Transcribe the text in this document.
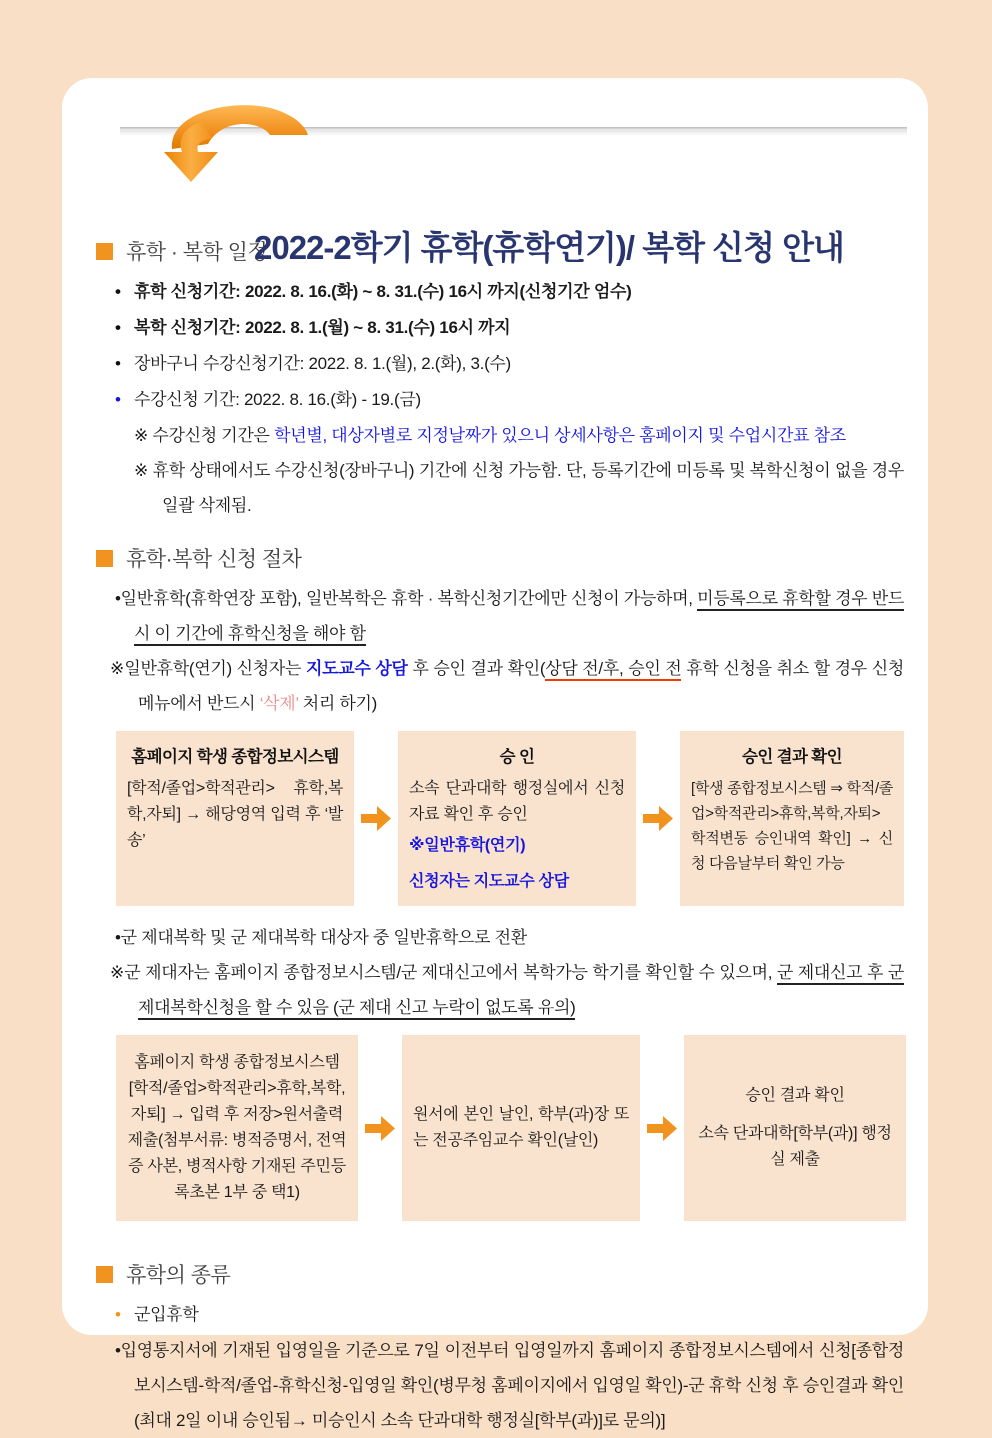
2022-2학기 휴학(휴학연기)/ 복학 신청 안내
휴학 · 복학 일정
• 휴학 신청기간: 2022. 8. 16.(화) ~ 8. 31.(수) 16시 까지(신청기간 엄수)
• 복학 신청기간: 2022. 8. 1.(월) ~ 8. 31.(수) 16시 까지
• 장바구니 수강신청기간: 2022. 8. 1.(월), 2.(화), 3.(수)
• 수강신청 기간: 2022. 8. 16.(화) - 19.(금)
※ 수강신청 기간은 학년별, 대상자별로 지정날짜가 있으니 상세사항은 홈페이지 및 수업시간표 참조
※ 휴학 상태에서도 수강신청(장바구니) 기간에 신청 가능함. 단, 등록기간에 미등록 및 복학신청이 없을 경우 일괄 삭제됨.
휴학·복학 신청 절차
•일반휴학(휴학연장 포함), 일반복학은 휴학 · 복학신청기간에만 신청이 가능하며, 미등록으로 휴학할 경우 반드시 이 기간에 휴학신청을 해야 함
※일반휴학(연기) 신청자는 지도교수 상담 후 승인 결과 확인(상담 전/후, 승인 전 휴학 신청을 취소 할 경우 신청 메뉴에서 반드시 ‘삭제’ 처리 하기)
홈페이지 학생 종합정보시스템
[학적/졸업>학적관리> 휴학,복학,자퇴] → 해당영역 입력 후 ‘발송’
승 인
소속 단과대학 행정실에서 신청 자료 확인 후 승인
※일반휴학(연기)
신청자는 지도교수 상담
승인 결과 확인
[학생 종합정보시스템 ⇒ 학적/졸업>학적관리>휴학,복학,자퇴>학적변동 승인내역 확인] → 신청 다음날부터 확인 가능
•군 제대복학 및 군 제대복학 대상자 중 일반휴학으로 전환
※군 제대자는 홈페이지 종합정보시스템/군 제대신고에서 복학가능 학기를 확인할 수 있으며, 군 제대신고 후 군 제대복학신청을 할 수 있음 (군 제대 신고 누락이 없도록 유의)
홈페이지 학생 종합정보시스템[학적/졸업>학적관리>휴학,복학,자퇴] → 입력 후 저장>원서출력 제출(첨부서류: 병적증명서, 전역증 사본, 병적사항 기재된 주민등록초본 1부 중 택1)
원서에 본인 날인, 학부(과)장 또는 전공주임교수 확인(날인)
승인 결과 확인
소속 단과대학[학부(과)] 행정실 제출
휴학의 종류
• 군입휴학
•입영통지서에 기재된 입영일을 기준으로 7일 이전부터 입영일까지 홈페이지 종합정보시스템에서 신청[종합정보시스템-학적/졸업-휴학신청-입영일 확인(병무청 홈페이지에서 입영일 확인)-군 휴학 신청 후 승인결과 확인(최대 2일 이내 승인됨→ 미승인시 소속 단과대학 행정실[학부(과)]로 문의)]
